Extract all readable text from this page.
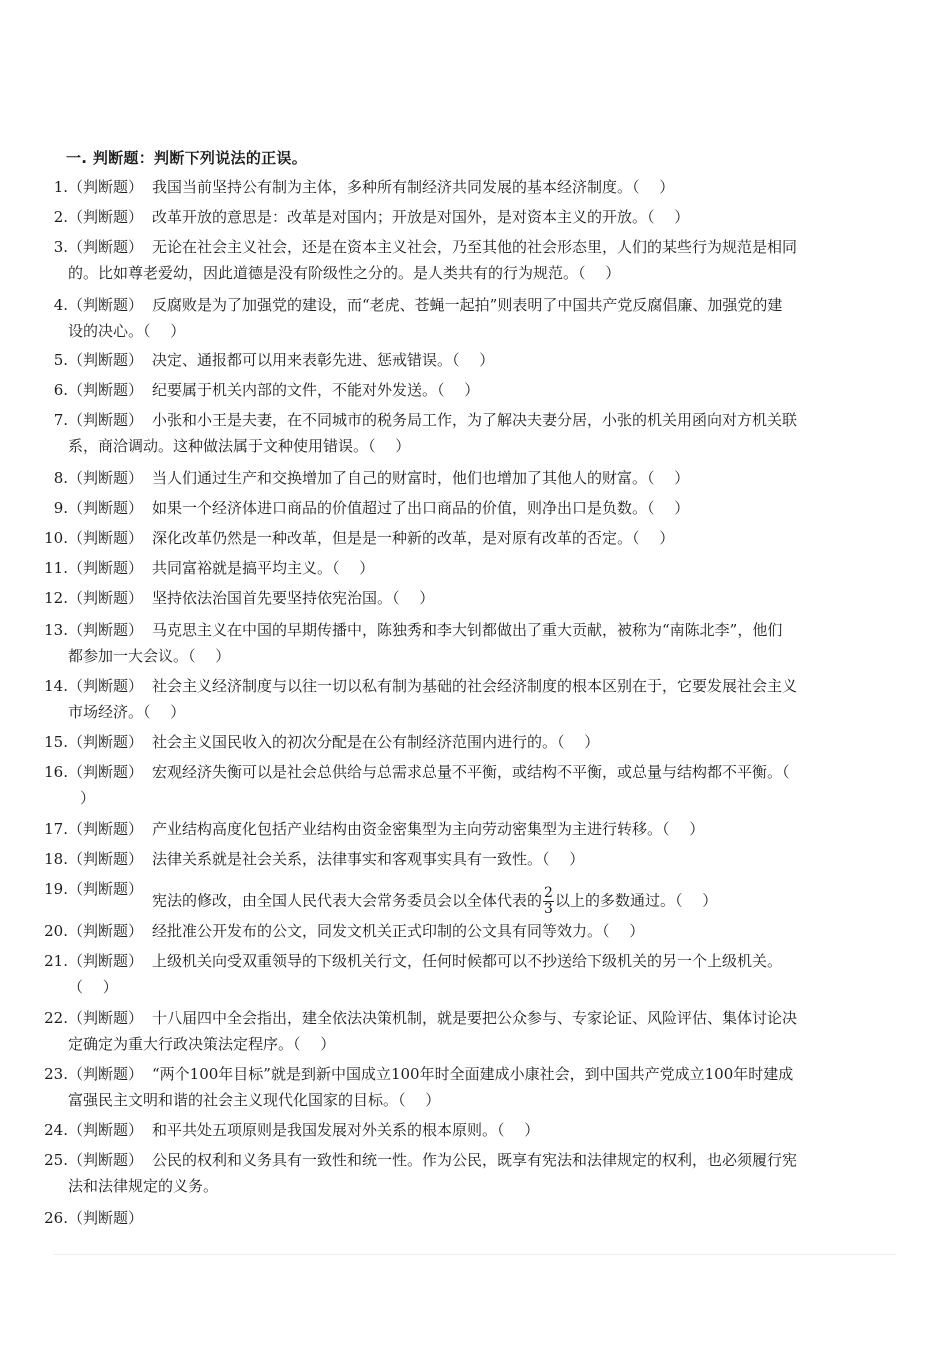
一. 判断题：判断下列说法的正误。
1. （判断题） 我国当前坚持公有制为主体，多种所有制经济共同发展的基本经济制度。（　 ）
2. （判断题） 改革开放的意思是：改革是对国内；开放是对国外，是对资本主义的开放。（　 ）
3. （判断题） 无论在社会主义社会，还是在资本主义社会，乃至其他的社会形态里，人们的某些行为规范是相同
的。比如尊老爱幼，因此道德是没有阶级性之分的。是人类共有的行为规范。（　 ）
4. （判断题） 反腐败是为了加强党的建设，而“老虎、苍蝇一起拍”则表明了中国共产党反腐倡廉、加强党的建
设的决心。（　 ）
5. （判断题） 决定、通报都可以用来表彰先进、惩戒错误。（　 ）
6. （判断题） 纪要属于机关内部的文件，不能对外发送。（　 ）
7. （判断题） 小张和小王是夫妻，在不同城市的税务局工作，为了解决夫妻分居，小张的机关用函向对方机关联
系，商洽调动。这种做法属于文种使用错误。（　 ）
8. （判断题） 当人们通过生产和交换增加了自己的财富时，他们也增加了其他人的财富。（　 ）
9. （判断题） 如果一个经济体进口商品的价值超过了出口商品的价值，则净出口是负数。（　 ）
10. （判断题） 深化改革仍然是一种改革，但是是一种新的改革，是对原有改革的否定。（　 ）
11. （判断题） 共同富裕就是搞平均主义。（　 ）
12. （判断题） 坚持依法治国首先要坚持依宪治国。（　 ）
13. （判断题） 马克思主义在中国的早期传播中，陈独秀和李大钊都做出了重大贡献，被称为“南陈北李”，他们
都参加一大会议。（　 ）
14. （判断题） 社会主义经济制度与以往一切以私有制为基础的社会经济制度的根本区别在于，它要发展社会主义
市场经济。（　 ）
15. （判断题） 社会主义国民收入的初次分配是在公有制经济范围内进行的。（　 ）
16. （判断题） 宏观经济失衡可以是社会总供给与总需求总量不平衡，或结构不平衡，或总量与结构都不平衡。（
）
17. （判断题） 产业结构高度化包括产业结构由资金密集型为主向劳动密集型为主进行转移。（　 ）
18. （判断题） 法律关系就是社会关系，法律事实和客观事实具有一致性。（　 ）
19. （判断题）
宪法的修改，由全国人民代表大会常务委员会以全体代表的 $\frac{2}{3}$ 以上的多数通过。（　 ）
20. （判断题） 经批准公开发布的公文，同发文机关正式印制的公文具有同等效力。（　 ）
21. （判断题） 上级机关向受双重领导的下级机关行文，任何时候都可以不抄送给下级机关的另一个上级机关。
（　 ）
22. （判断题） 十八届四中全会指出，建全依法决策机制，就是要把公众参与、专家论证、风险评估、集体讨论决
定确定为重大行政决策法定程序。（　 ）
23. （判断题） “两个100年目标”就是到新中国成立100年时全面建成小康社会，到中国共产党成立100年时建成
富强民主文明和谐的社会主义现代化国家的目标。（　 ）
24. （判断题） 和平共处五项原则是我国发展对外关系的根本原则。（　 ）
25. （判断题） 公民的权利和义务具有一致性和统一性。作为公民，既享有宪法和法律规定的权利，也必须履行宪
法和法律规定的义务。
26. （判断题）
